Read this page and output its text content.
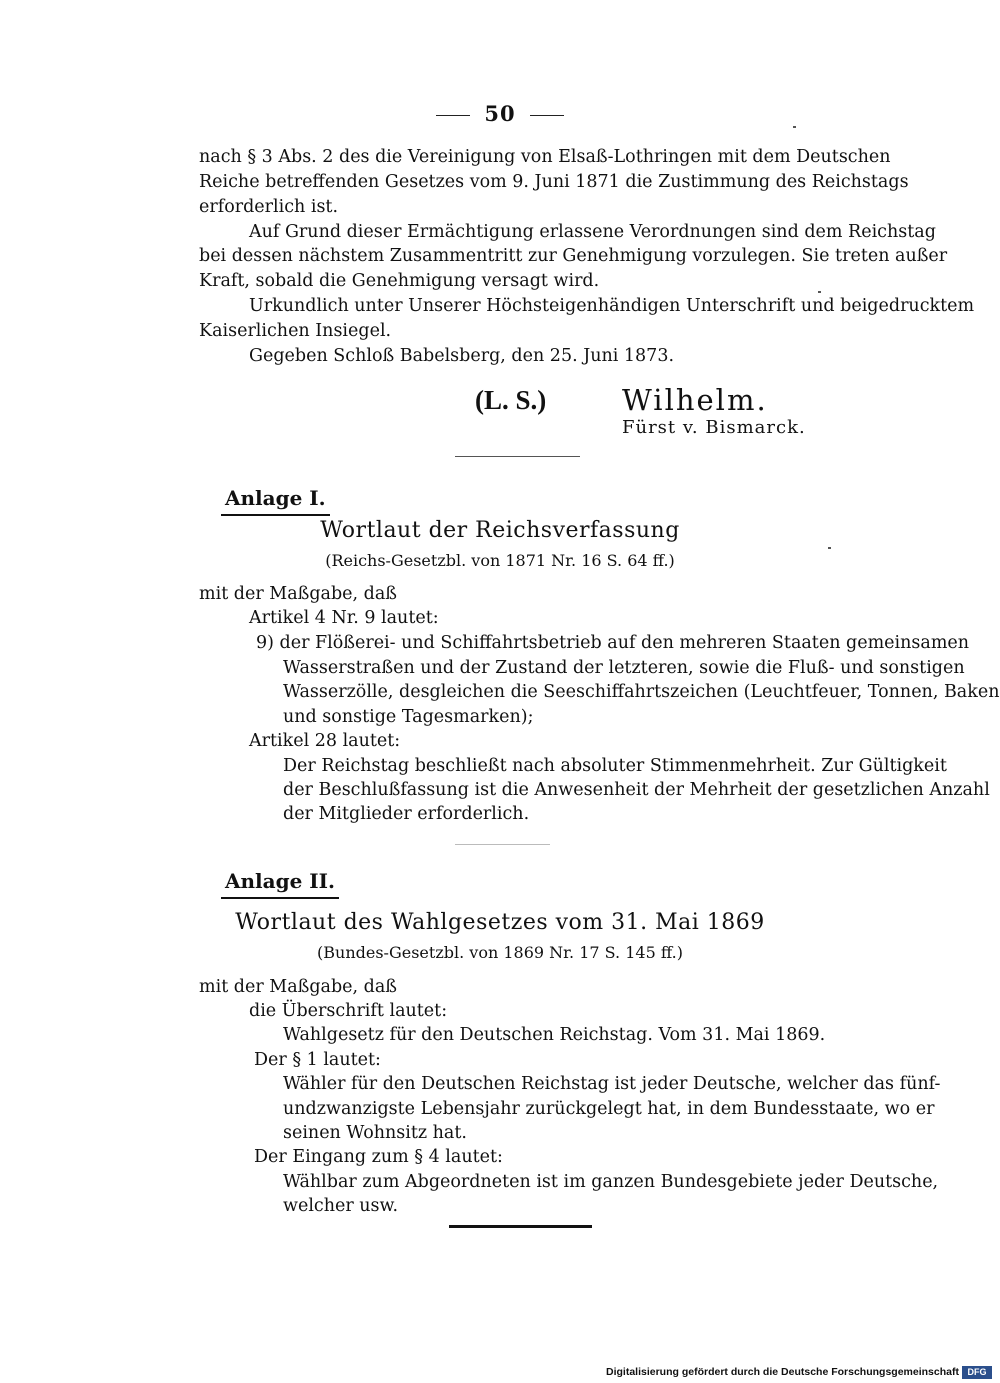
50
nach § 3 Abs. 2 des die Vereinigung von Elsaß-Lothringen mit dem Deutschen
Reiche betreffenden Gesetzes vom 9. Juni 1871 die Zustimmung des Reichstags
erforderlich ist.
Auf Grund dieser Ermächtigung erlassene Verordnungen sind dem Reichstag
bei dessen nächstem Zusammentritt zur Genehmigung vorzulegen. Sie treten außer
Kraft, sobald die Genehmigung versagt wird.
Urkundlich unter Unserer Höchsteigenhändigen Unterschrift und beigedrucktem
Kaiserlichen Insiegel.
Gegeben Schloß Babelsberg, den 25. Juni 1873.
(L. S.)	Wilhelm.
Fürst v. Bismarck.
Anlage I.
Wortlaut der Reichsverfassung
(Reichs-Gesetzbl. von 1871 Nr. 16 S. 64 ff.)
mit der Maßgabe, daß
Artikel 4 Nr. 9 lautet:
9) der Flößerei- und Schiffahrtsbetrieb auf den mehreren Staaten gemeinsamen
Wasserstraßen und der Zustand der letzteren, sowie die Fluß- und sonstigen
Wasserzölle, desgleichen die Seeschiffahrtszeichen (Leuchtfeuer, Tonnen, Baken
und sonstige Tagesmarken);
Artikel 28 lautet:
Der Reichstag beschließt nach absoluter Stimmenmehrheit. Zur Gültigkeit
der Beschlußfassung ist die Anwesenheit der Mehrheit der gesetzlichen Anzahl
der Mitglieder erforderlich.
Anlage II.
Wortlaut des Wahlgesetzes vom 31. Mai 1869
(Bundes-Gesetzbl. von 1869 Nr. 17 S. 145 ff.)
mit der Maßgabe, daß
die Überschrift lautet:
Wahlgesetz für den Deutschen Reichstag. Vom 31. Mai 1869.
Der § 1 lautet:
Wähler für den Deutschen Reichstag ist jeder Deutsche, welcher das fünf-
undzwanzigste Lebensjahr zurückgelegt hat, in dem Bundesstaate, wo er
seinen Wohnsitz hat.
Der Eingang zum § 4 lautet:
Wählbar zum Abgeordneten ist im ganzen Bundesgebiete jeder Deutsche,
welcher usw.
Digitalisierung gefördert durch die Deutsche Forschungsgemeinschaft DFG
